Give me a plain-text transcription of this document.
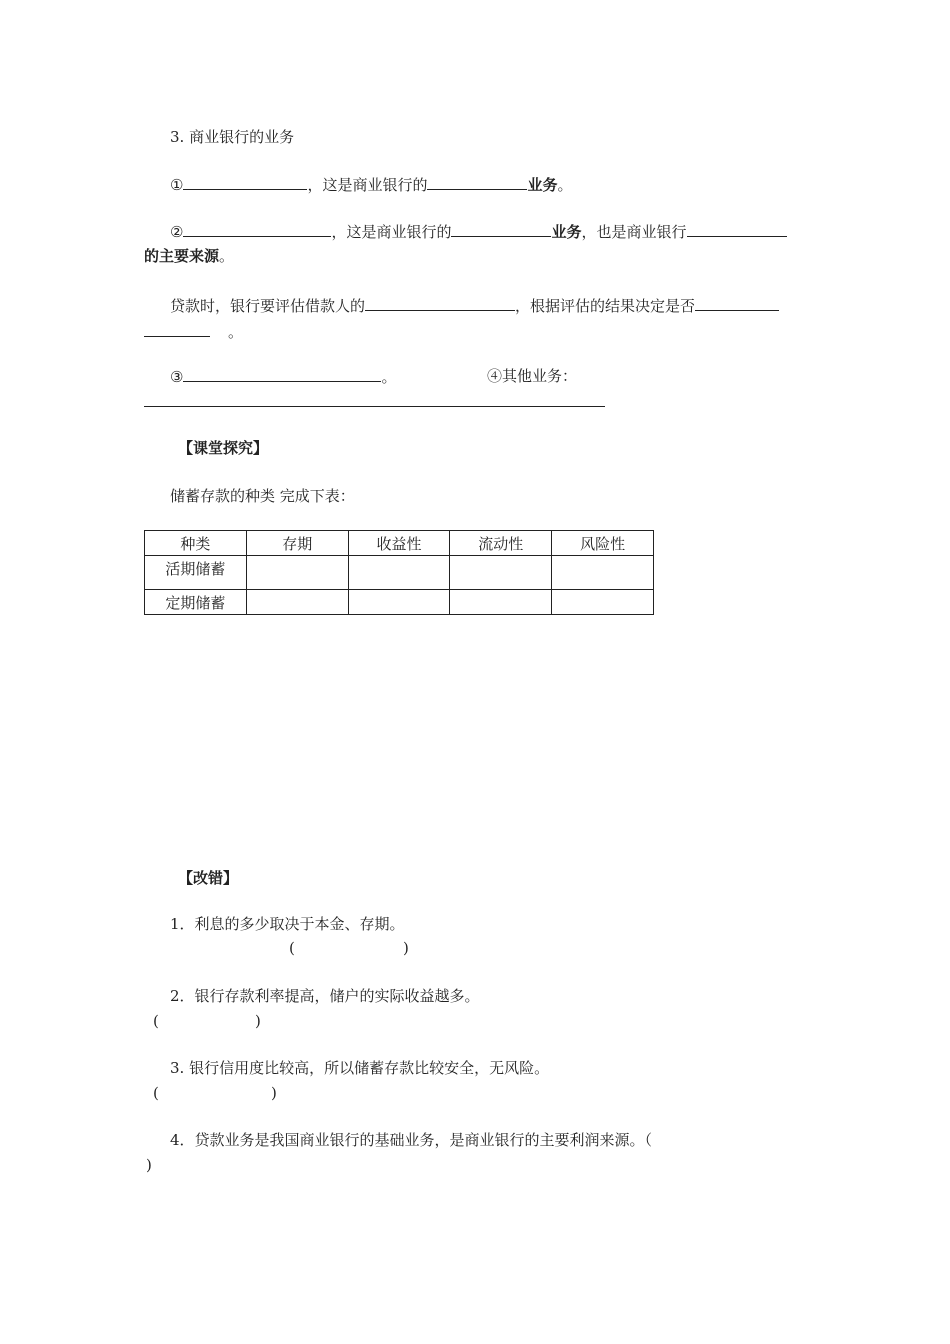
3. 商业银行的业务
①	，这是商业银行的	业务。
②	，这是商业银行的	业务，也是商业银行
的主要来源。
贷款时，银行要评估借款人的	，根据评估的结果决定是否
。
③	。	④其他业务：
【课堂探究】
储蓄存款的种类 完成下表：
种类	存期	收益性	流动性	风险性
活期储蓄				
定期储蓄				
【改错】
1．利息的多少取决于本金、存期。
(	)
2．银行存款利率提高，储户的实际收益越多。
(	)
3. 银行信用度比较高，所以储蓄存款比较安全，无风险。
(	)
4．贷款业务是我国商业银行的基础业务，是商业银行的主要利润来源。（
)
